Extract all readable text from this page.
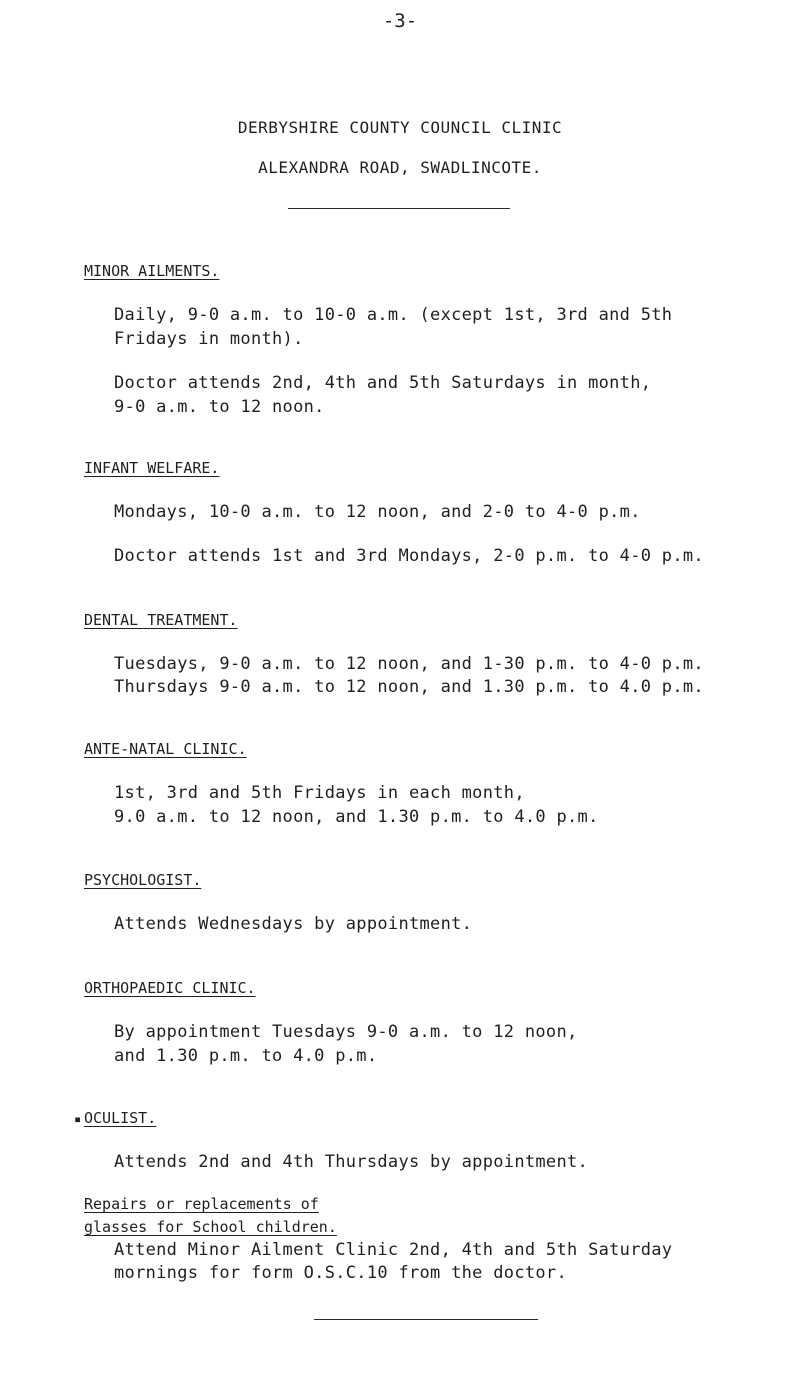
-3-
DERBYSHIRE COUNTY COUNCIL CLINIC
ALEXANDRA ROAD, SWADLINCOTE.
MINOR AILMENTS.
Daily, 9-0 a.m. to 10-0 a.m. (except 1st, 3rd and 5th
Fridays in month).
Doctor attends 2nd, 4th and 5th Saturdays in month,
9-0 a.m. to 12 noon.
INFANT WELFARE.
Mondays, 10-0 a.m. to 12 noon, and 2-0 to 4-0 p.m.
Doctor attends 1st and 3rd Mondays, 2-0 p.m. to 4-0 p.m.
DENTAL TREATMENT.
Tuesdays, 9-0 a.m. to 12 noon, and 1-30 p.m. to 4-0 p.m.
Thursdays 9-0 a.m. to 12 noon, and 1.30 p.m. to 4.0 p.m.
ANTE-NATAL CLINIC.
1st, 3rd and 5th Fridays in each month,
9.0 a.m. to 12 noon, and 1.30 p.m. to 4.0 p.m.
PSYCHOLOGIST.
Attends Wednesdays by appointment.
ORTHOPAEDIC CLINIC.
By appointment Tuesdays 9-0 a.m. to 12 noon,
and 1.30 p.m. to 4.0 p.m.
▪ OCULIST.
Attends 2nd and 4th Thursdays by appointment.
Repairs or replacements of
glasses for School children.
Attend Minor Ailment Clinic 2nd, 4th and 5th Saturday
mornings for form O.S.C.10 from the doctor.
